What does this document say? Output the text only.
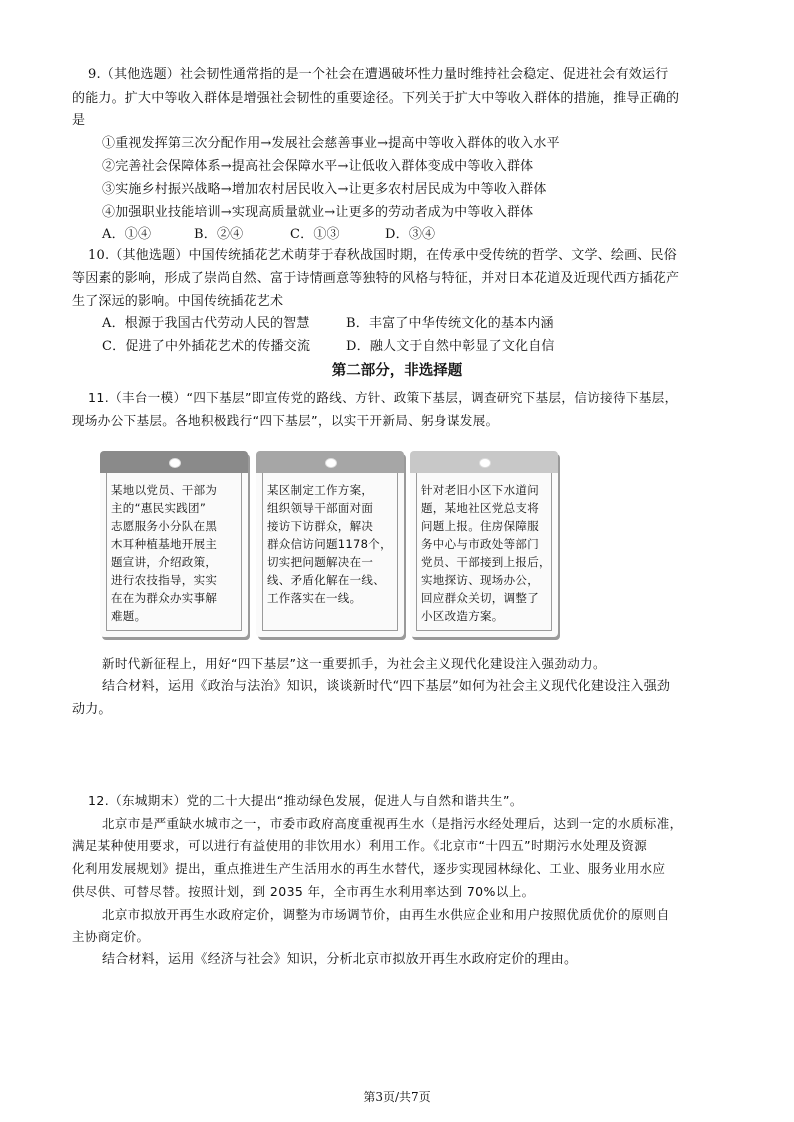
9.（其他选题）社会韧性通常指的是一个社会在遭遇破坏性力量时维持社会稳定、促进社会有效运行
的能力。扩大中等收入群体是增强社会韧性的重要途径。下列关于扩大中等收入群体的措施，推导正确的
是
①重视发挥第三次分配作用→发展社会慈善事业→提高中等收入群体的收入水平
②完善社会保障体系→提高社会保障水平→让低收入群体变成中等收入群体
③实施乡村振兴战略→增加农村居民收入→让更多农村居民成为中等收入群体
④加强职业技能培训→实现高质量就业→让更多的劳动者成为中等收入群体
A．①④	B．②④	C．①③	D．③④
10.（其他选题）中国传统插花艺术萌芽于春秋战国时期，在传承中受传统的哲学、文学、绘画、民俗
等因素的影响，形成了崇尚自然、富于诗情画意等独特的风格与特征，并对日本花道及近现代西方插花产
生了深远的影响。中国传统插花艺术
A．根源于我国古代劳动人民的智慧	B．丰富了中华传统文化的基本内涵
C．促进了中外插花艺术的传播交流	D．融人文于自然中彰显了文化自信
第二部分，非选择题
11.（丰台一模）“四下基层”即宣传党的路线、方针、政策下基层，调查研究下基层，信访接待下基层，
现场办公下基层。各地积极践行“四下基层”，以实干开新局、躬身谋发展。
某地以党员、干部为
主的“惠民实践团”
志愿服务小分队在黑
木耳种植基地开展主
题宣讲，介绍政策，
进行农技指导，实实
在在为群众办实事解
难题。
某区制定工作方案，
组织领导干部面对面
接访下访群众，解决
群众信访问题1178个，
切实把问题解决在一
线、矛盾化解在一线、
工作落实在一线。
针对老旧小区下水道问
题，某地社区党总支将
问题上报。住房保障服
务中心与市政处等部门
党员、干部接到上报后，
实地探访、现场办公，
回应群众关切，调整了
小区改造方案。
新时代新征程上，用好“四下基层”这一重要抓手，为社会主义现代化建设注入强劲动力。
结合材料，运用《政治与法治》知识，谈谈新时代“四下基层”如何为社会主义现代化建设注入强劲
动力。
12.（东城期末）党的二十大提出“推动绿色发展，促进人与自然和谐共生”。
北京市是严重缺水城市之一，市委市政府高度重视再生水（是指污水经处理后，达到一定的水质标准，
满足某种使用要求，可以进行有益使用的非饮用水）利用工作。《北京市“十四五”时期污水处理及资源
化利用发展规划》提出，重点推进生产生活用水的再生水替代，逐步实现园林绿化、工业、服务业用水应
供尽供、可替尽替。按照计划，到 2035 年，全市再生水利用率达到 70%以上。
北京市拟放开再生水政府定价，调整为市场调节价，由再生水供应企业和用户按照优质优价的原则自
主协商定价。
结合材料，运用《经济与社会》知识，分析北京市拟放开再生水政府定价的理由。
第3页/共7页
